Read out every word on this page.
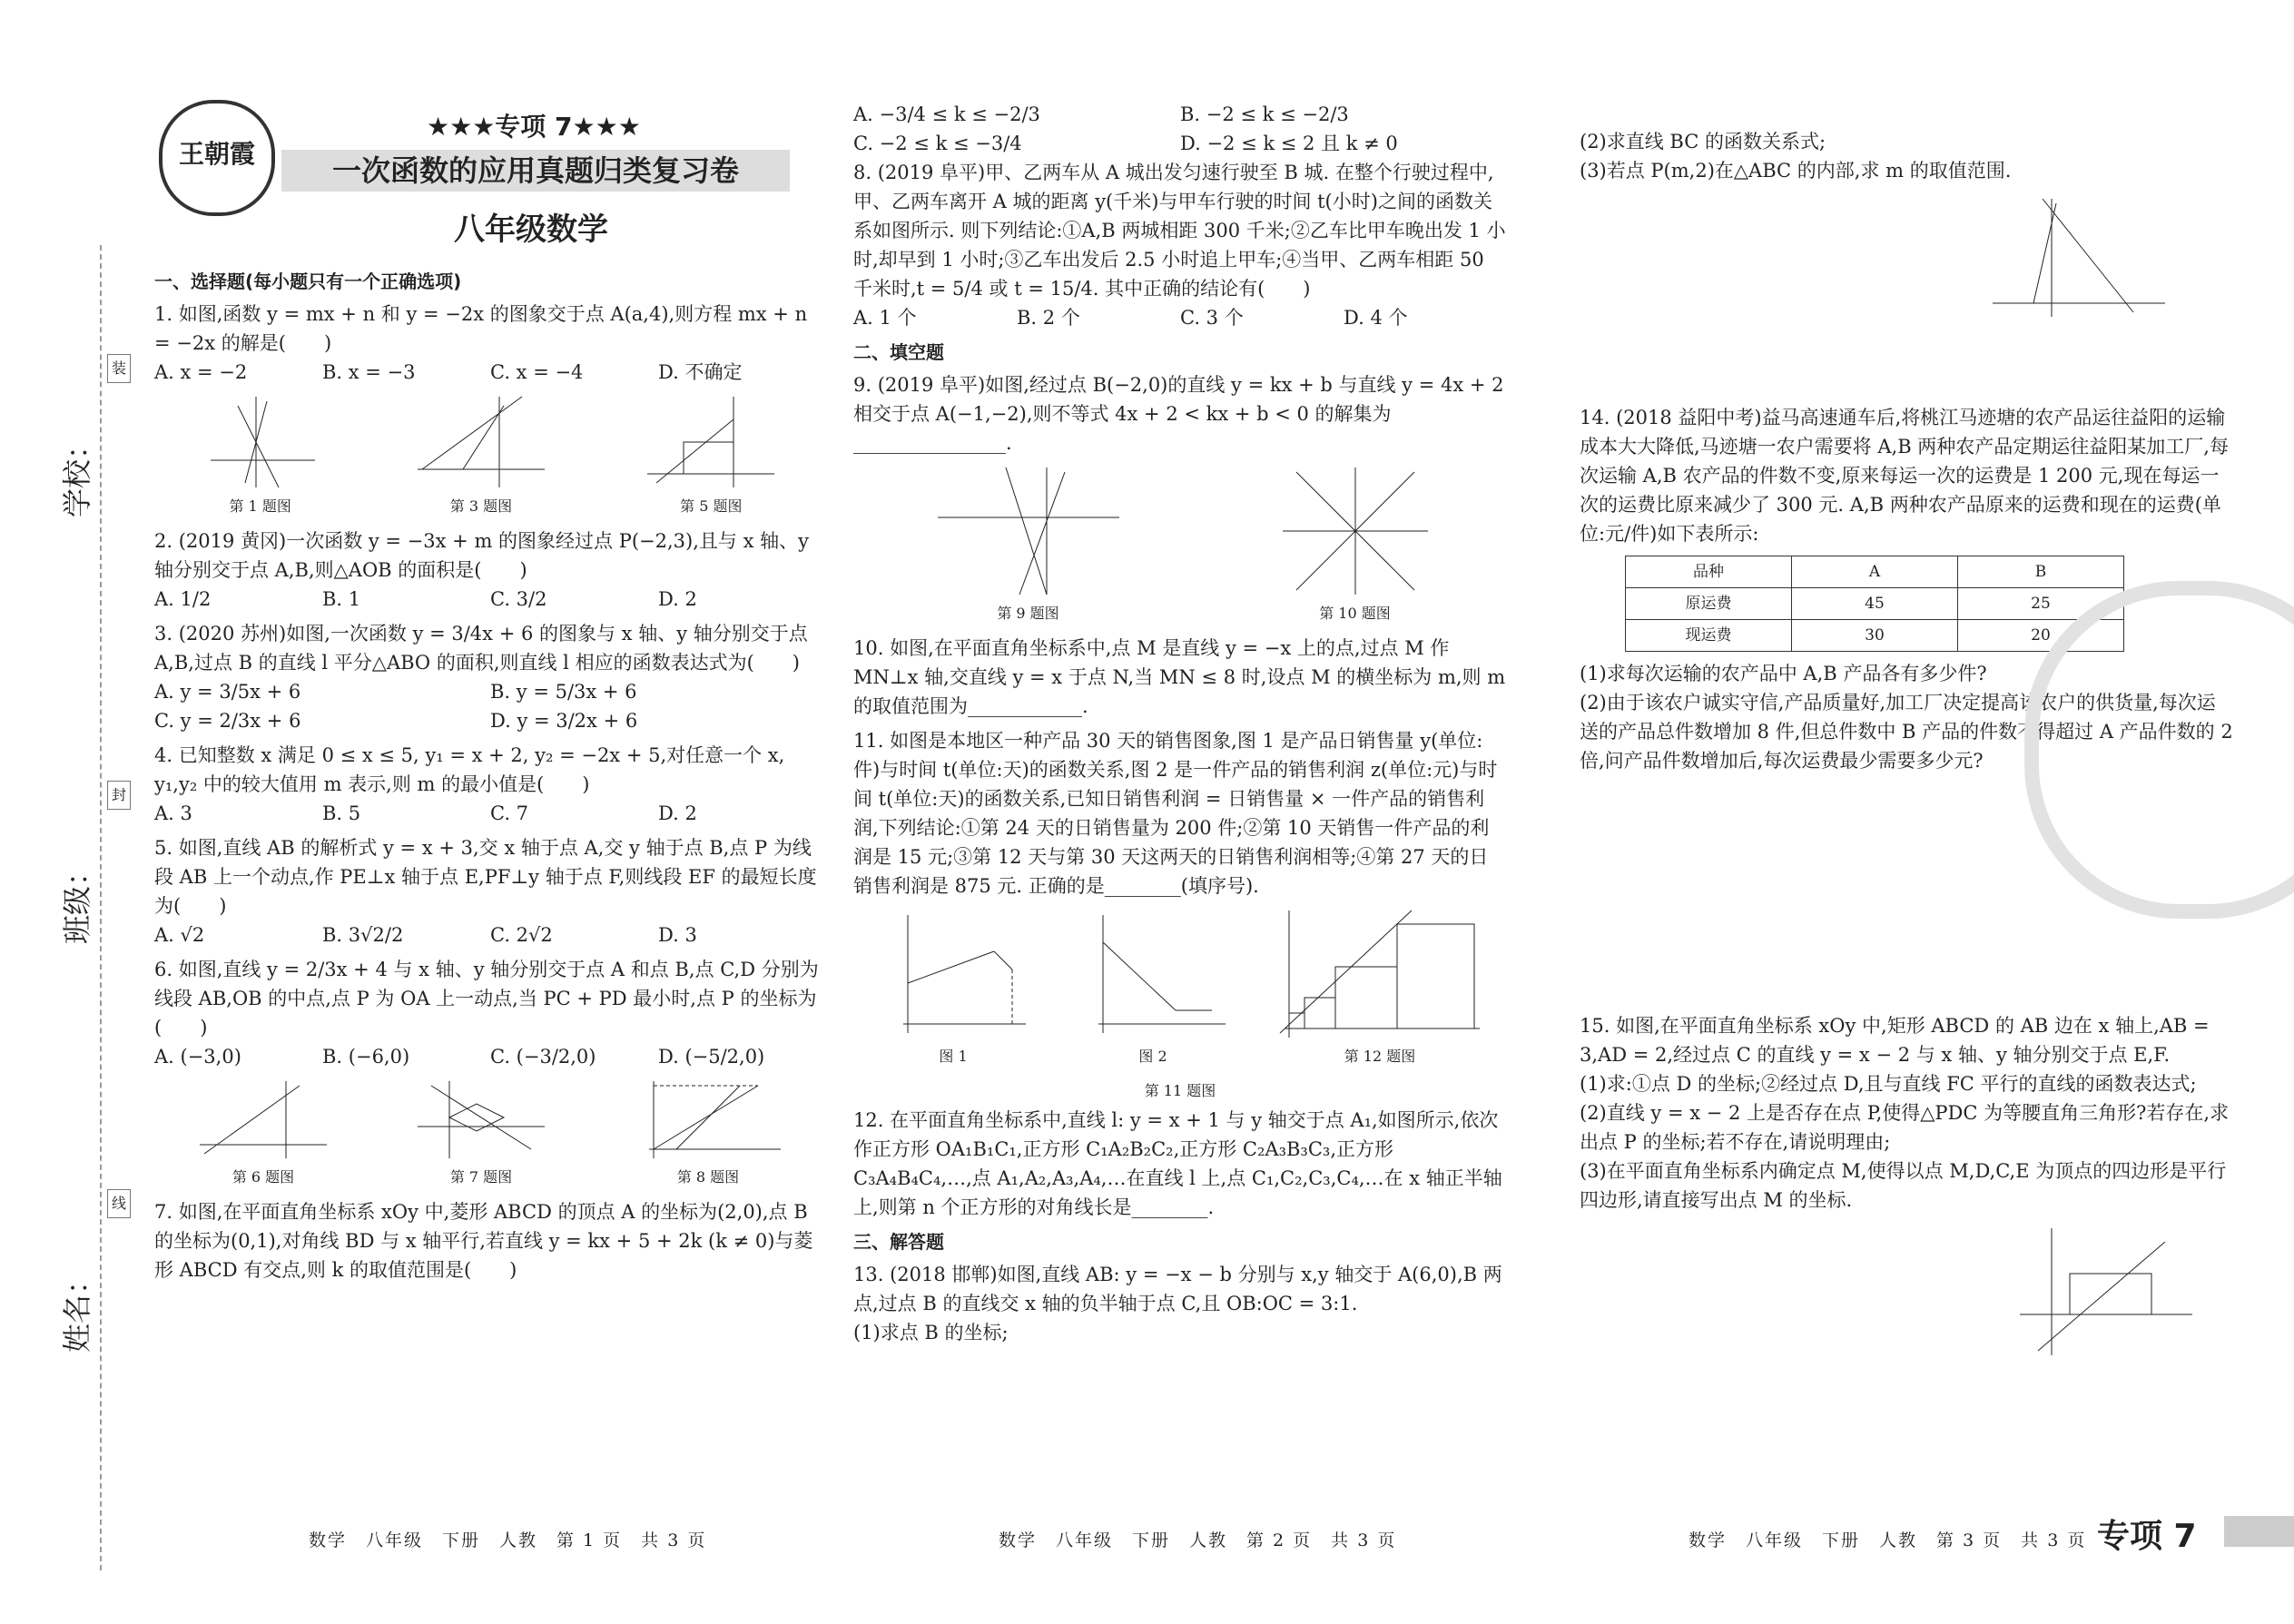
王朝霞
★★★专项 7★★★
一次函数的应用真题归类复习卷
八年级数学
学校：
班级：
姓名：
装
封
线
一、选择题(每小题只有一个正确选项)
1. 如图,函数 y = mx + n 和 y = −2x 的图象交于点 A(a,4),则方程 mx + n = −2x 的解是(　　)
A. x = −2	B. x = −3	C. x = −4	D. 不确定
第 1 题图	第 3 题图	第 5 题图
2. (2019 黄冈)一次函数 y = −3x + m 的图象经过点 P(−2,3),且与 x 轴、y 轴分别交于点 A,B,则△AOB 的面积是(　　)
A. 1/2	B. 1	C. 3/2	D. 2
3. (2020 苏州)如图,一次函数 y = 3/4x + 6 的图象与 x 轴、y 轴分别交于点 A,B,过点 B 的直线 l 平分△ABO 的面积,则直线 l 相应的函数表达式为(　　)
A. y = 3/5x + 6	B. y = 5/3x + 6
C. y = 2/3x + 6	D. y = 3/2x + 6
4. 已知整数 x 满足 0 ≤ x ≤ 5, y₁ = x + 2, y₂ = −2x + 5,对任意一个 x, y₁,y₂ 中的较大值用 m 表示,则 m 的最小值是(　　)
A. 3	B. 5	C. 7	D. 2
5. 如图,直线 AB 的解析式 y = x + 3,交 x 轴于点 A,交 y 轴于点 B,点 P 为线段 AB 上一个动点,作 PE⊥x 轴于点 E,PF⊥y 轴于点 F,则线段 EF 的最短长度为(　　)
A. √2	B. 3√2/2	C. 2√2	D. 3
6. 如图,直线 y = 2/3x + 4 与 x 轴、y 轴分别交于点 A 和点 B,点 C,D 分别为线段 AB,OB 的中点,点 P 为 OA 上一动点,当 PC + PD 最小时,点 P 的坐标为(　　)
A. (−3,0)	B. (−6,0)	C. (−3/2,0)	D. (−5/2,0)
第 6 题图	第 7 题图	第 8 题图
7. 如图,在平面直角坐标系 xOy 中,菱形 ABCD 的顶点 A 的坐标为(2,0),点 B 的坐标为(0,1),对角线 BD 与 x 轴平行,若直线 y = kx + 5 + 2k (k ≠ 0)与菱形 ABCD 有交点,则 k 的取值范围是(　　)
A. −3/4 ≤ k ≤ −2/3	B. −2 ≤ k ≤ −2/3
C. −2 ≤ k ≤ −3/4	D. −2 ≤ k ≤ 2 且 k ≠ 0
8. (2019 阜平)甲、乙两车从 A 城出发匀速行驶至 B 城. 在整个行驶过程中,甲、乙两车离开 A 城的距离 y(千米)与甲车行驶的时间 t(小时)之间的函数关系如图所示. 则下列结论:①A,B 两城相距 300 千米;②乙车比甲车晚出发 1 小时,却早到 1 小时;③乙车出发后 2.5 小时追上甲车;④当甲、乙两车相距 50 千米时,t = 5/4 或 t = 15/4. 其中正确的结论有(　　)
A. 1 个	B. 2 个	C. 3 个	D. 4 个
二、填空题
9. (2019 阜平)如图,经过点 B(−2,0)的直线 y = kx + b 与直线 y = 4x + 2 相交于点 A(−1,−2),则不等式 4x + 2 < kx + b < 0 的解集为________________.
第 9 题图	第 10 题图
10. 如图,在平面直角坐标系中,点 M 是直线 y = −x 上的点,过点 M 作 MN⊥x 轴,交直线 y = x 于点 N,当 MN ≤ 8 时,设点 M 的横坐标为 m,则 m 的取值范围为____________.
11. 如图是本地区一种产品 30 天的销售图象,图 1 是产品日销售量 y(单位:件)与时间 t(单位:天)的函数关系,图 2 是一件产品的销售利润 z(单位:元)与时间 t(单位:天)的函数关系,已知日销售利润 = 日销售量 × 一件产品的销售利润,下列结论:①第 24 天的日销售量为 200 件;②第 10 天销售一件产品的利润是 15 元;③第 12 天与第 30 天这两天的日销售利润相等;④第 27 天的日销售利润是 875 元. 正确的是________(填序号).
图 1	图 2	第 12 题图
第 11 题图
12. 在平面直角坐标系中,直线 l: y = x + 1 与 y 轴交于点 A₁,如图所示,依次作正方形 OA₁B₁C₁,正方形 C₁A₂B₂C₂,正方形 C₂A₃B₃C₃,正方形 C₃A₄B₄C₄,…,点 A₁,A₂,A₃,A₄,…在直线 l 上,点 C₁,C₂,C₃,C₄,…在 x 轴正半轴上,则第 n 个正方形的对角线长是________.
三、解答题
13. (2018 邯郸)如图,直线 AB: y = −x − b 分别与 x,y 轴交于 A(6,0),B 两点,过点 B 的直线交 x 轴的负半轴于点 C,且 OB:OC = 3:1.
(1)求点 B 的坐标;
(2)求直线 BC 的函数关系式;
(3)若点 P(m,2)在△ABC 的内部,求 m 的取值范围.
14. (2018 益阳中考)益马高速通车后,将桃江马迹塘的农产品运往益阳的运输成本大大降低,马迹塘一农户需要将 A,B 两种农产品定期运往益阳某加工厂,每次运输 A,B 农产品的件数不变,原来每运一次的运费是 1 200 元,现在每运一次的运费比原来减少了 300 元. A,B 两种农产品原来的运费和现在的运费(单位:元/件)如下表所示:
品种	A	B
原运费	45	25
现运费	30	20
(1)求每次运输的农产品中 A,B 产品各有多少件?
(2)由于该农户诚实守信,产品质量好,加工厂决定提高该农户的供货量,每次运送的产品总件数增加 8 件,但总件数中 B 产品的件数不得超过 A 产品件数的 2 倍,问产品件数增加后,每次运费最少需要多少元?
15. 如图,在平面直角坐标系 xOy 中,矩形 ABCD 的 AB 边在 x 轴上,AB = 3,AD = 2,经过点 C 的直线 y = x − 2 与 x 轴、y 轴分别交于点 E,F.
(1)求:①点 D 的坐标;②经过点 D,且与直线 FC 平行的直线的函数表达式;
(2)直线 y = x − 2 上是否存在点 P,使得△PDC 为等腰直角三角形?若存在,求出点 P 的坐标;若不存在,请说明理由;
(3)在平面直角坐标系内确定点 M,使得以点 M,D,C,E 为顶点的四边形是平行四边形,请直接写出点 M 的坐标.
数学　八年级　下册　人教　第 1 页　共 3 页	数学　八年级　下册　人教　第 2 页　共 3 页	数学　八年级　下册　人教　第 3 页　共 3 页 专项 7
